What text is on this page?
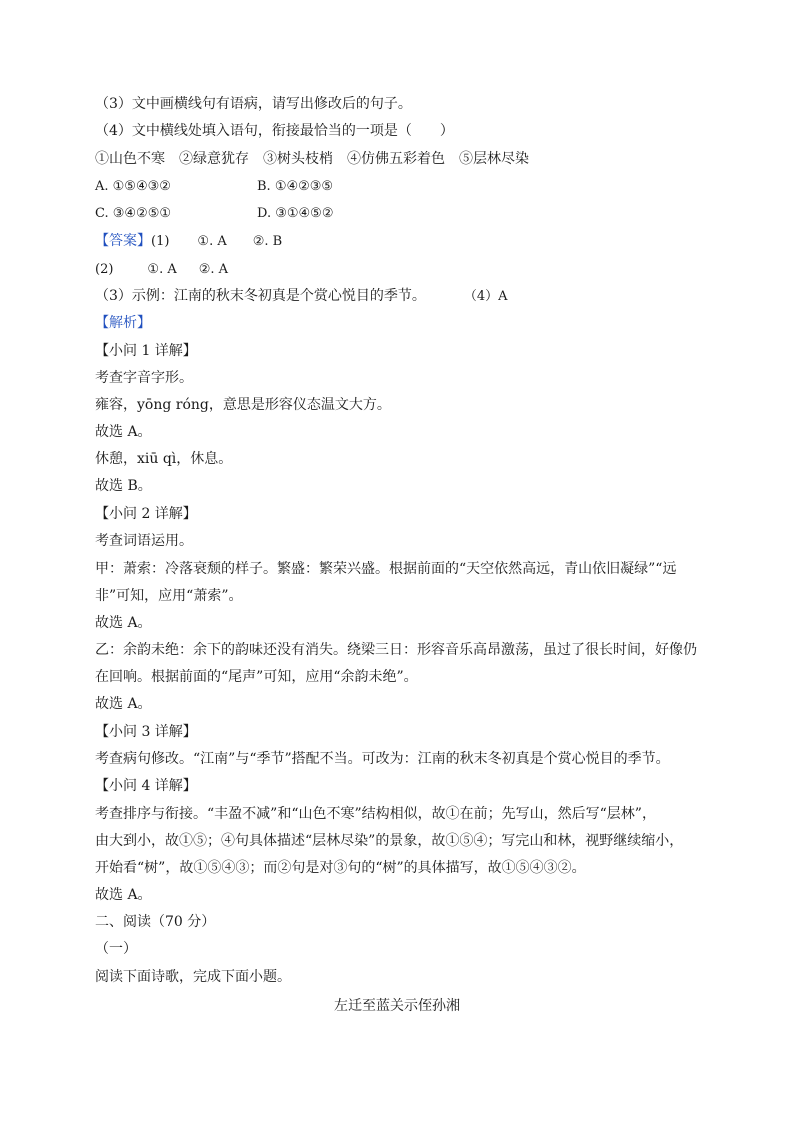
（3）文中画横线句有语病，请写出修改后的句子。
（4）文中横线处填入语句，衔接最恰当的一项是（　　）
①山色不寒 ②绿意犹存 ③树头枝梢 ④仿佛五彩着色 ⑤层林尽染
A. ①⑤④③②	B. ①④②③⑤
C. ③④②⑤①	D. ③①④⑤②
【答案】(1) ①. A ②. B
(2)	①. A ②. A
（3）示例：江南的秋末冬初真是个赏心悦目的季节。	（4）A
【解析】
【小问 1 详解】
考查字音字形。
雍容，yōng róng，意思是形容仪态温文大方。
故选 A。
休憩，xiū qì，休息。
故选 B。
【小问 2 详解】
考查词语运用。
甲：萧索：冷落衰颓的样子。繁盛：繁荣兴盛。根据前面的“天空依然高远，青山依旧凝绿”“远
非”可知，应用“萧索”。
故选 A。
乙：余韵未绝：余下的韵味还没有消失。绕梁三日：形容音乐高昂激荡，虽过了很长时间，好像仍
在回响。根据前面的“尾声”可知，应用“余韵未绝”。
故选 A。
【小问 3 详解】
考查病句修改。“江南”与“季节”搭配不当。可改为：江南的秋末冬初真是个赏心悦目的季节。
【小问 4 详解】
考查排序与衔接。“丰盈不减”和“山色不寒”结构相似，故①在前；先写山，然后写“层林”，
由大到小，故①⑤；④句具体描述“层林尽染”的景象，故①⑤④；写完山和林，视野继续缩小，
开始看“树”，故①⑤④③；而②句是对③句的“树”的具体描写，故①⑤④③②。
故选 A。
二、阅读（70 分）
（一）
阅读下面诗歌，完成下面小题。
左迁至蓝关示侄孙湘
